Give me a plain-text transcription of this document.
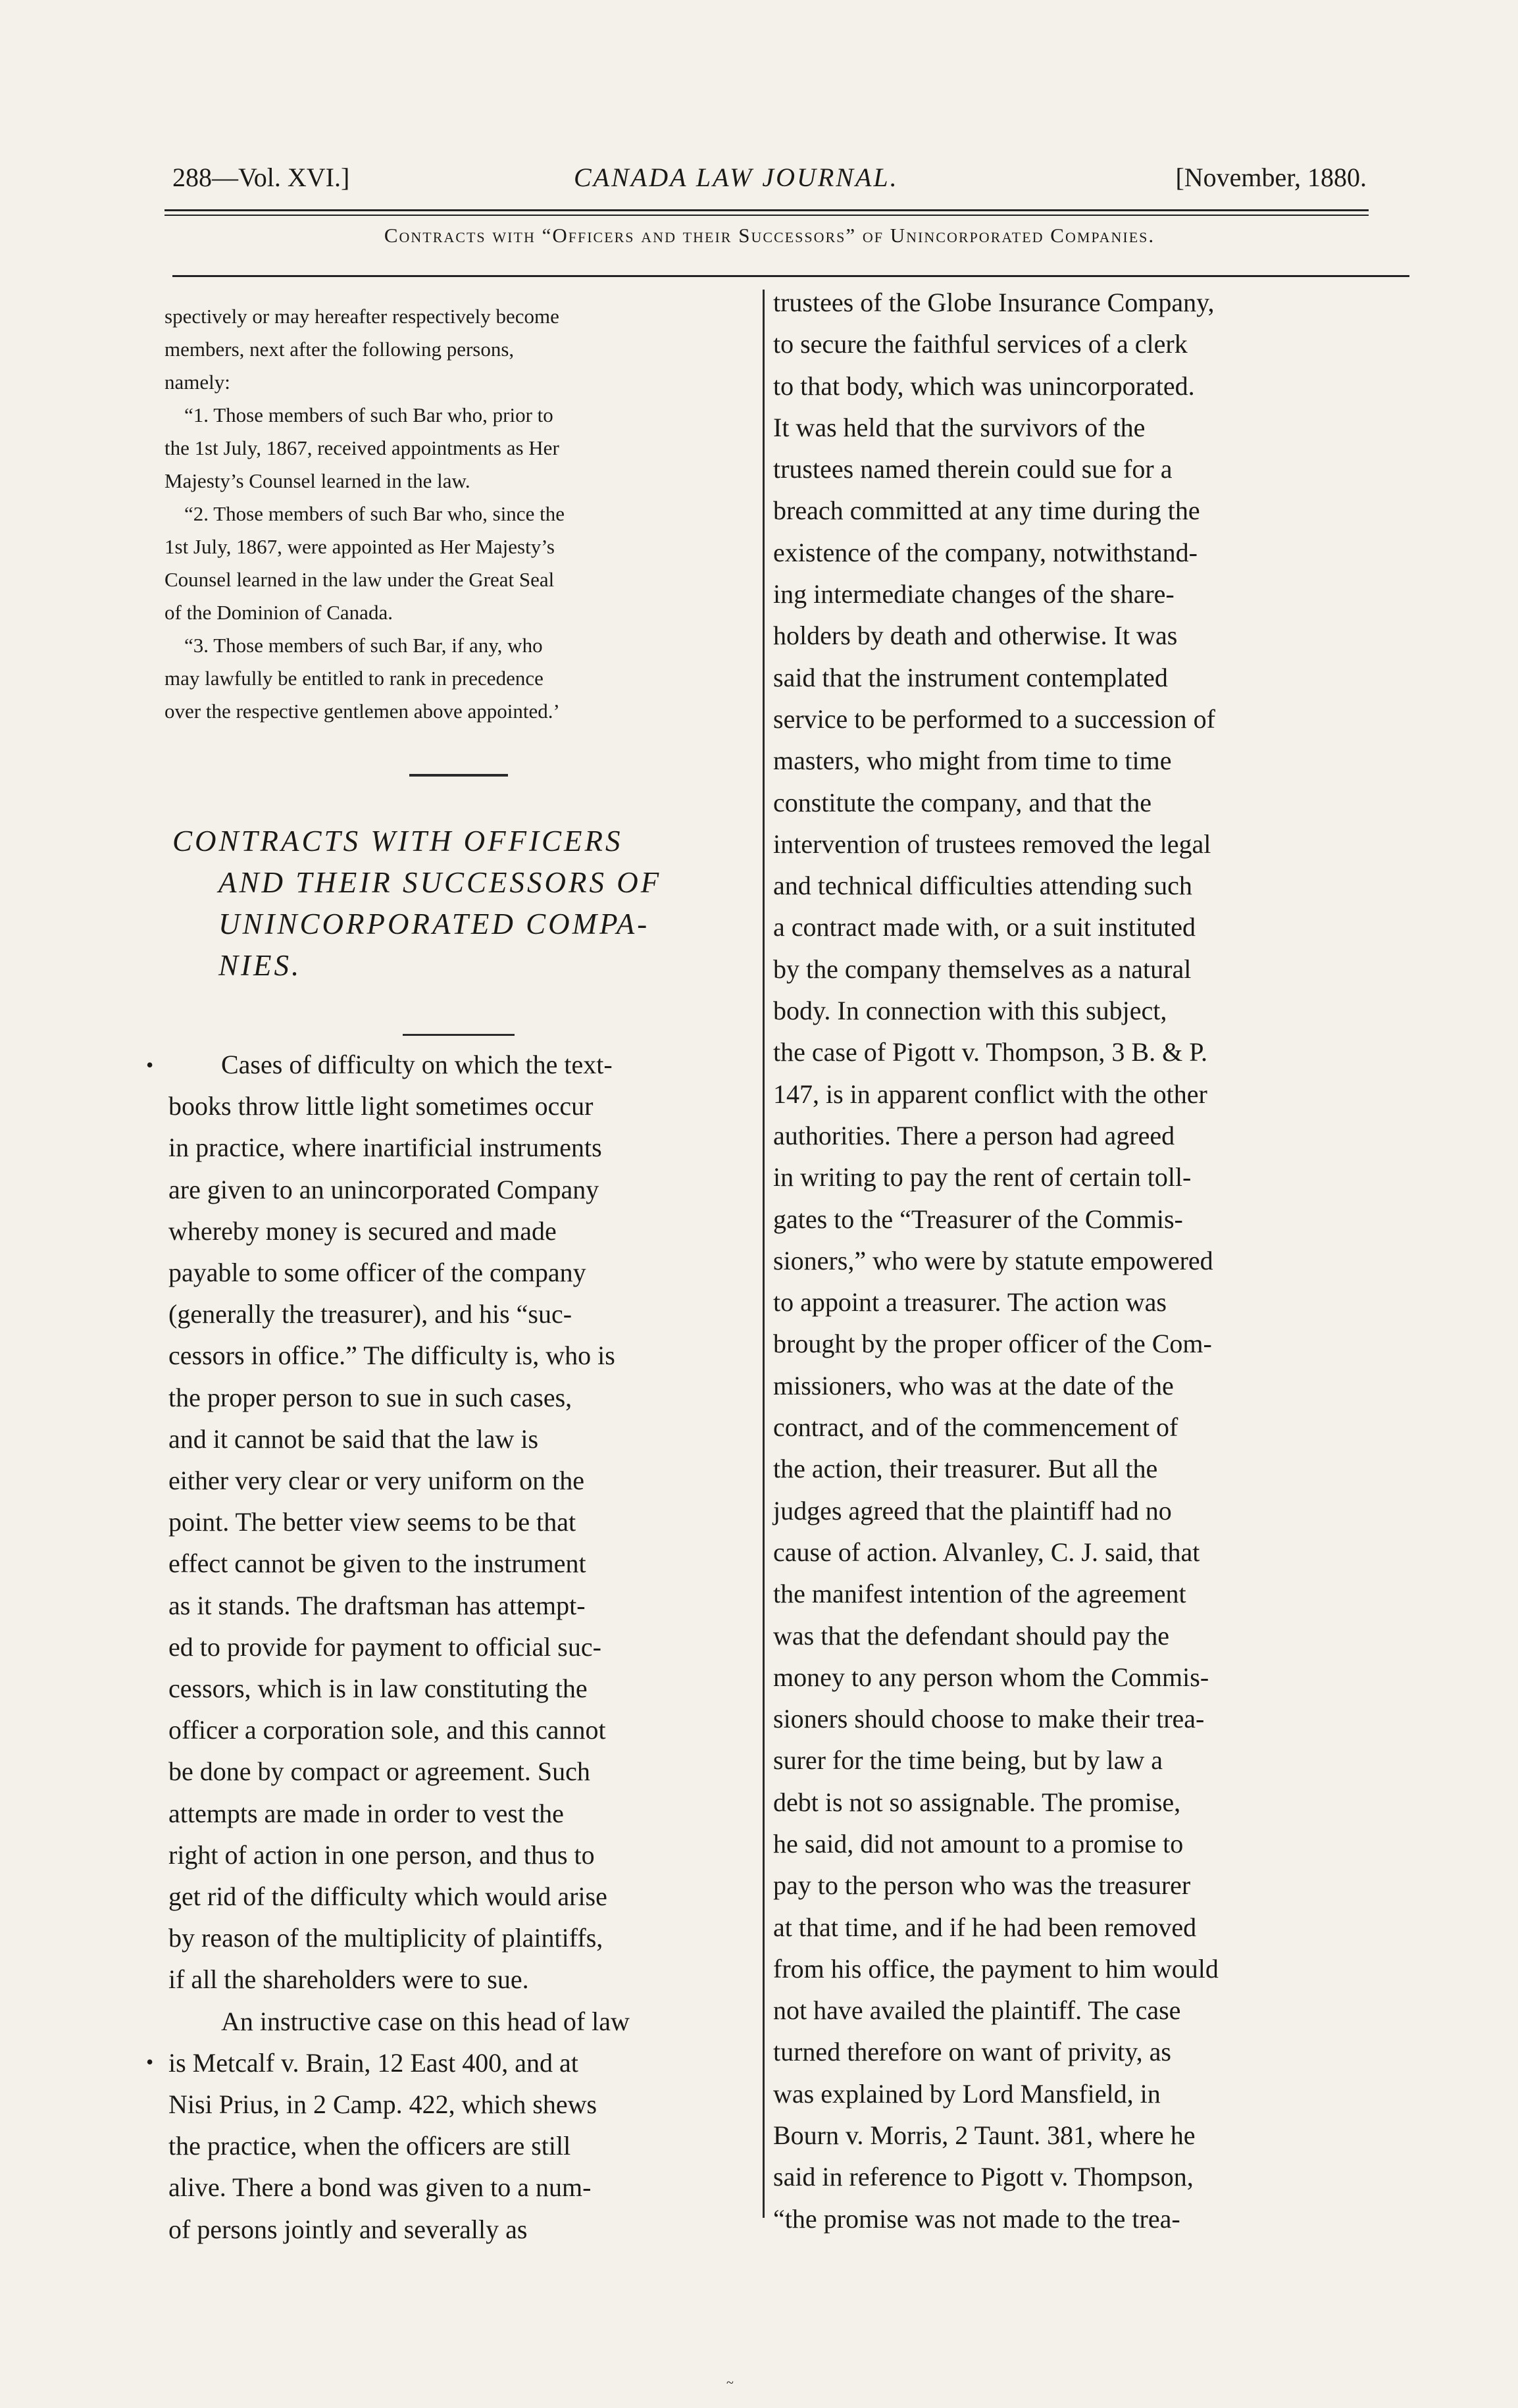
288—Vol. XVI.]	CANADA LAW JOURNAL.	[November, 1880.
Contracts with “Officers and their Successors” of Unincorporated Companies.
spectively or may hereafter respectively become
members, next after the following persons,
namely:
“1. Those members of such Bar who, prior to
the 1st July, 1867, received appointments as Her
Majesty’s Counsel learned in the law.
“2. Those members of such Bar who, since the
1st July, 1867, were appointed as Her Majesty’s
Counsel learned in the law under the Great Seal
of the Dominion of Canada.
“3. Those members of such Bar, if any, who
may lawfully be entitled to rank in precedence
over the respective gentlemen above appointed.’
CONTRACTS WITH OFFICERS
AND THEIR SUCCESSORS OF
UNINCORPORATED COMPA-
NIES.
•
•
Cases of difficulty on which the text-
books throw little light sometimes occur
in practice, where inartificial instruments
are given to an unincorporated Company
whereby money is secured and made
payable to some officer of the company
(generally the treasurer), and his “suc-
cessors in office.” The difficulty is, who is
the proper person to sue in such cases,
and it cannot be said that the law is
either very clear or very uniform on the
point. The better view seems to be that
effect cannot be given to the instrument
as it stands. The draftsman has attempt-
ed to provide for payment to official suc-
cessors, which is in law constituting the
officer a corporation sole, and this cannot
be done by compact or agreement. Such
attempts are made in order to vest the
right of action in one person, and thus to
get rid of the difficulty which would arise
by reason of the multiplicity of plaintiffs,
if all the shareholders were to sue.
An instructive case on this head of law
is Metcalf v. Brain, 12 East 400, and at
Nisi Prius, in 2 Camp. 422, which shews
the practice, when the officers are still
alive. There a bond was given to a num-
of persons jointly and severally as
trustees of the Globe Insurance Company,
to secure the faithful services of a clerk
to that body, which was unincorporated.
It was held that the survivors of the
trustees named therein could sue for a
breach committed at any time during the
existence of the company, notwithstand-
ing intermediate changes of the share-
holders by death and otherwise. It was
said that the instrument contemplated
service to be performed to a succession of
masters, who might from time to time
constitute the company, and that the
intervention of trustees removed the legal
and technical difficulties attending such
a contract made with, or a suit instituted
by the company themselves as a natural
body. In connection with this subject,
the case of Pigott v. Thompson, 3 B. & P.
147, is in apparent conflict with the other
authorities. There a person had agreed
in writing to pay the rent of certain toll-
gates to the “Treasurer of the Commis-
sioners,” who were by statute empowered
to appoint a treasurer. The action was
brought by the proper officer of the Com-
missioners, who was at the date of the
contract, and of the commencement of
the action, their treasurer. But all the
judges agreed that the plaintiff had no
cause of action. Alvanley, C. J. said, that
the manifest intention of the agreement
was that the defendant should pay the
money to any person whom the Commis-
sioners should choose to make their trea-
surer for the time being, but by law a
debt is not so assignable. The promise,
he said, did not amount to a promise to
pay to the person who was the treasurer
at that time, and if he had been removed
from his office, the payment to him would
not have availed the plaintiff. The case
turned therefore on want of privity, as
was explained by Lord Mansfield, in
Bourn v. Morris, 2 Taunt. 381, where he
said in reference to Pigott v. Thompson,
“the promise was not made to the trea-
~
